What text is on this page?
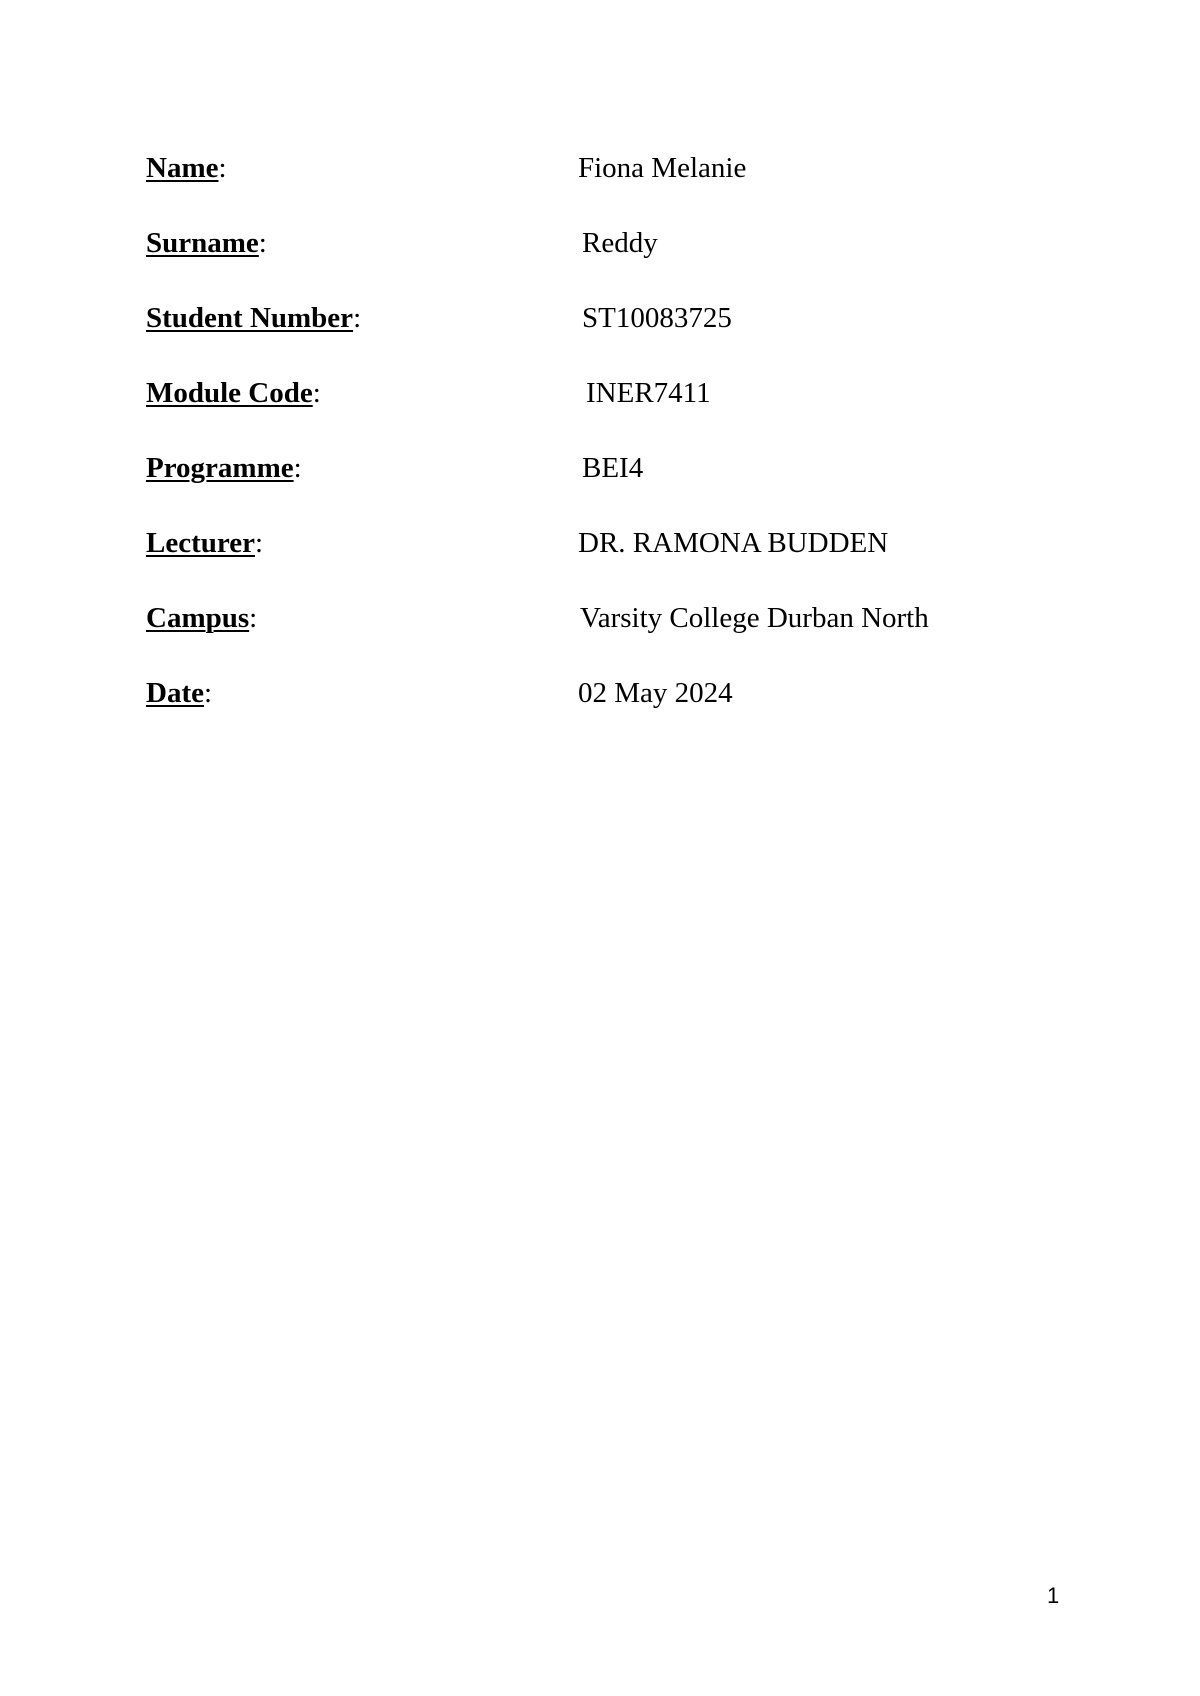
Name:	Fiona Melanie
Surname:	Reddy
Student Number:	ST10083725
Module Code:	INER7411
Programme:	BEI4
Lecturer:	DR. RAMONA BUDDEN
Campus:	Varsity College Durban North
Date:	02 May 2024
1
